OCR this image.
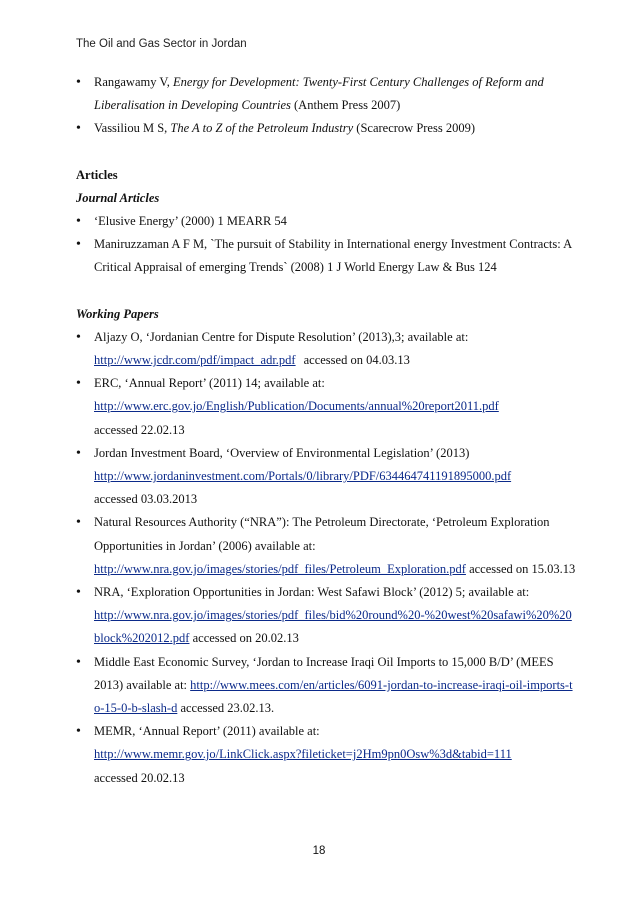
The Oil and Gas Sector in Jordan
• Rangawamy V, Energy for Development: Twenty-First Century Challenges of Reform and Liberalisation in Developing Countries (Anthem Press 2007)
• Vassiliou M S, The A to Z of the Petroleum Industry (Scarecrow Press 2009)
Articles
Journal Articles
• ‘Elusive Energy’ (2000) 1 MEARR 54
• Maniruzzaman A F M, `The pursuit of Stability in International energy Investment Contracts: A Critical Appraisal of emerging Trends` (2008) 1 J World Energy Law & Bus 124
Working Papers
• Aljazy O, ‘Jordanian Centre for Dispute Resolution’ (2013),3; available at:
http://www.jcdr.com/pdf/impact_adr.pdf accessed on 04.03.13
• ERC, ‘Annual Report’ (2011) 14; available at:
http://www.erc.gov.jo/English/Publication/Documents/annual%20report2011.pdf
accessed 22.02.13
• Jordan Investment Board, ‘Overview of Environmental Legislation’ (2013)
http://www.jordaninvestment.com/Portals/0/library/PDF/634464741191895000.pdf
accessed 03.03.2013
• Natural Resources Authority (“NRA”): The Petroleum Directorate, ‘Petroleum Exploration Opportunities in Jordan’ (2006) available at:
http://www.nra.gov.jo/images/stories/pdf_files/Petroleum_Exploration.pdf accessed on 15.03.13
• NRA, ‘Exploration Opportunities in Jordan: West Safawi Block’ (2012) 5; available at:
http://www.nra.gov.jo/images/stories/pdf_files/bid%20round%20-%20west%20safawi%20%20block%202012.pdf accessed on 20.02.13
• Middle East Economic Survey, ‘Jordan to Increase Iraqi Oil Imports to 15,000 B/D’ (MEES 2013) available at: http://www.mees.com/en/articles/6091-jordan-to-increase-iraqi-oil-imports-to-15-0-b-slash-d accessed 23.02.13.
• MEMR, ‘Annual Report’ (2011) available at:
http://www.memr.gov.jo/LinkClick.aspx?fileticket=j2Hm9pn0Osw%3d&tabid=111
accessed 20.02.13
18
